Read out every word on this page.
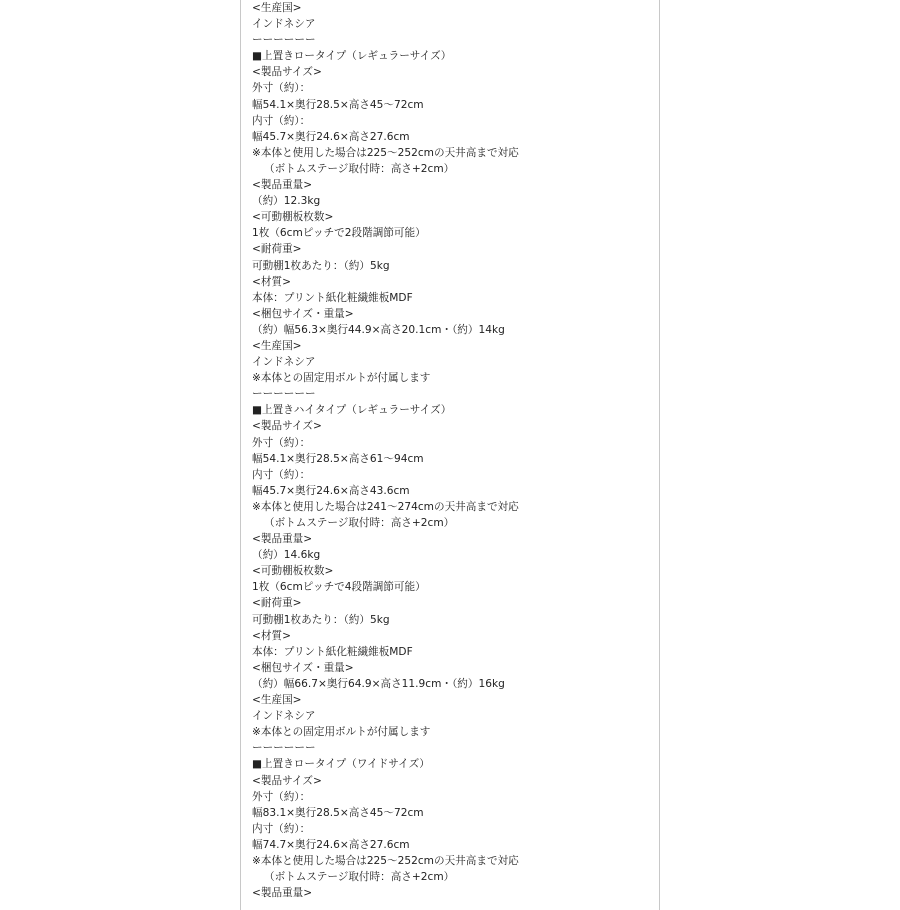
<生産国>
インドネシア
ーーーーーー
■上置きロータイプ（レギュラーサイズ）
<製品サイズ>
外寸（約）：
幅54.1×奥行28.5×高さ45～72cm
内寸（約）：
幅45.7×奥行24.6×高さ27.6cm
※本体と使用した場合は225～252cmの天井高まで対応
（ボトムステージ取付時：高さ+2cm）
<製品重量>
（約）12.3kg
<可動棚板枚数>
1枚（6cmピッチで2段階調節可能）
<耐荷重>
可動棚1枚あたり：（約）5kg
<材質>
本体：プリント紙化粧繊維板MDF
<梱包サイズ・重量>
（約）幅56.3×奥行44.9×高さ20.1cm・（約）14kg
<生産国>
インドネシア
※本体との固定用ボルトが付属します
ーーーーーー
■上置きハイタイプ（レギュラーサイズ）
<製品サイズ>
外寸（約）：
幅54.1×奥行28.5×高さ61～94cm
内寸（約）：
幅45.7×奥行24.6×高さ43.6cm
※本体と使用した場合は241～274cmの天井高まで対応
（ボトムステージ取付時：高さ+2cm）
<製品重量>
（約）14.6kg
<可動棚板枚数>
1枚（6cmピッチで4段階調節可能）
<耐荷重>
可動棚1枚あたり：（約）5kg
<材質>
本体：プリント紙化粧繊維板MDF
<梱包サイズ・重量>
（約）幅66.7×奥行64.9×高さ11.9cm・（約）16kg
<生産国>
インドネシア
※本体との固定用ボルトが付属します
ーーーーーー
■上置きロータイプ（ワイドサイズ）
<製品サイズ>
外寸（約）：
幅83.1×奥行28.5×高さ45～72cm
内寸（約）：
幅74.7×奥行24.6×高さ27.6cm
※本体と使用した場合は225～252cmの天井高まで対応
（ボトムステージ取付時：高さ+2cm）
<製品重量>
